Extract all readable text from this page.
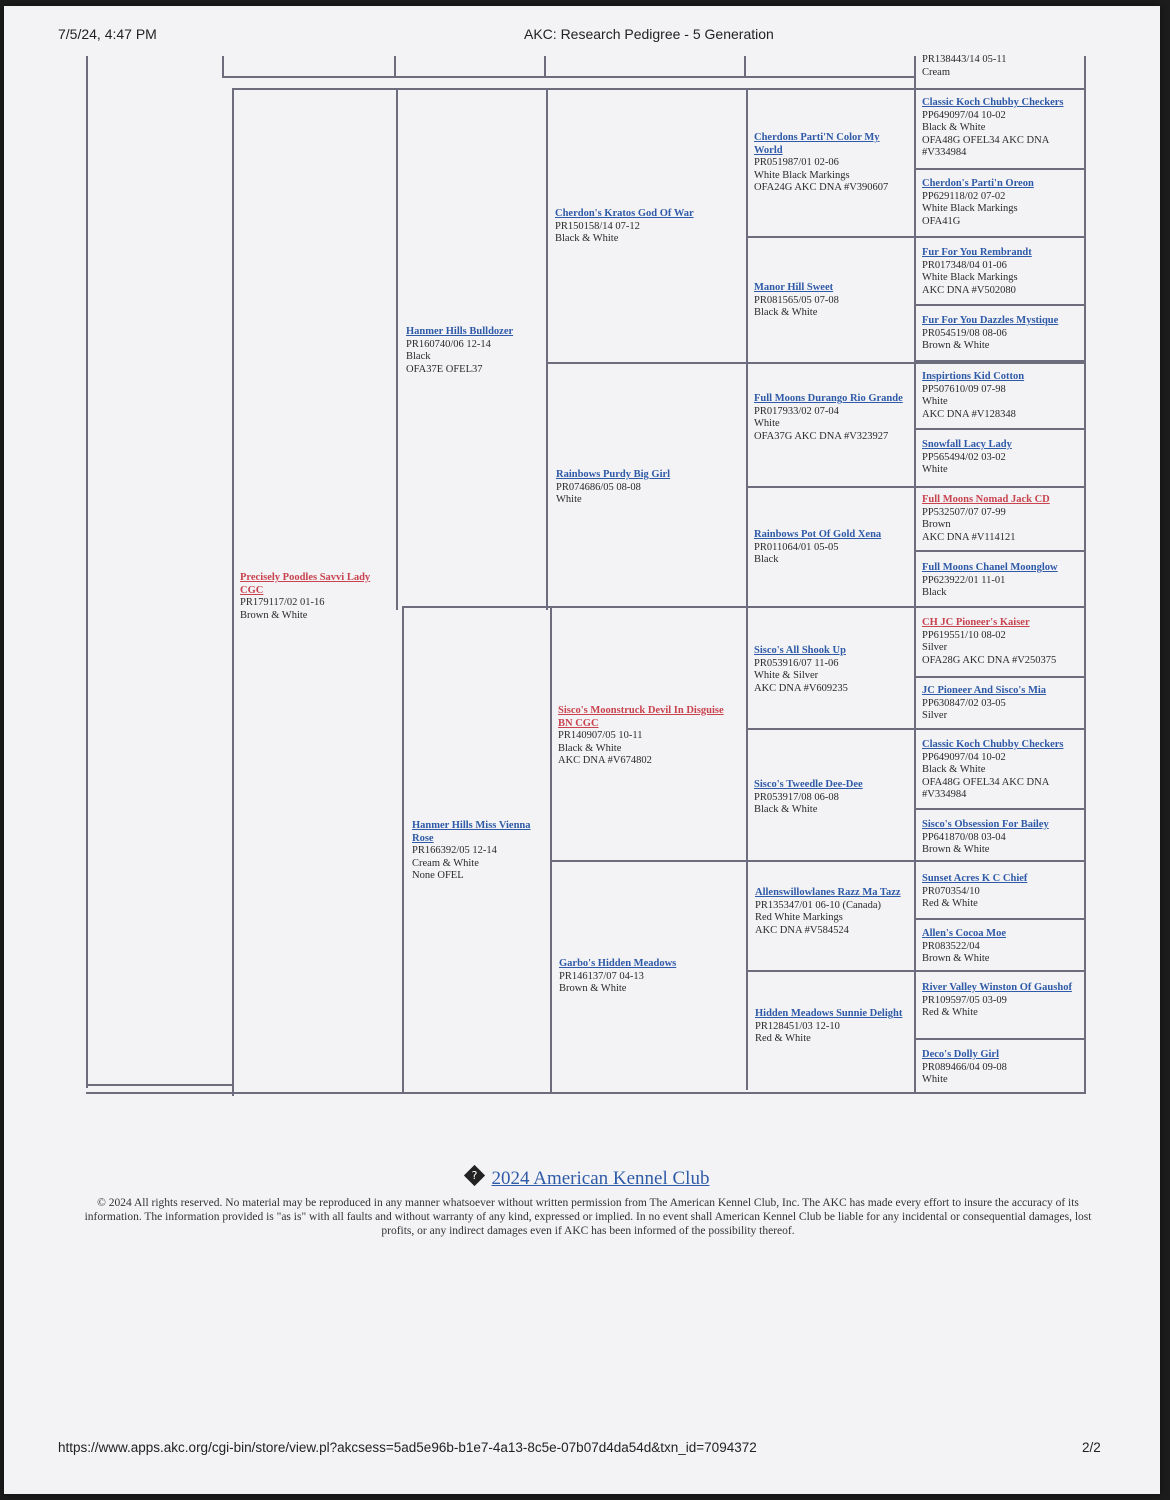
7/5/24, 4:47 PM	AKC: Research Pedigree - 5 Generation
PR138443/14 05-11
Cream
Precisely Poodles Savvi Lady CGC
PR179117/02 01-16
Brown & White
Hanmer Hills Bulldozer
PR160740/06 12-14
Black
OFA37E OFEL37
Hanmer Hills Miss Vienna Rose
PR166392/05 12-14
Cream & White
None OFEL
Cherdon's Kratos God Of War
PR150158/14 07-12
Black & White
Rainbows Purdy Big Girl
PR074686/05 08-08
White
Sisco's Moonstruck Devil In Disguise BN CGC
PR140907/05 10-11
Black & White
AKC DNA #V674802
Garbo's Hidden Meadows
PR146137/07 04-13
Brown & White
Cherdons Parti'N Color My World
PR051987/01 02-06
White Black Markings
OFA24G AKC DNA #V390607
Manor Hill Sweet
PR081565/05 07-08
Black & White
Full Moons Durango Rio Grande
PR017933/02 07-04
White
OFA37G AKC DNA #V323927
Rainbows Pot Of Gold Xena
PR011064/01 05-05
Black
Sisco's All Shook Up
PR053916/07 11-06
White & Silver
AKC DNA #V609235
Sisco's Tweedle Dee-Dee
PR053917/08 06-08
Black & White
Allenswillowlanes Razz Ma Tazz
PR135347/01 06-10 (Canada)
Red White Markings
AKC DNA #V584524
Hidden Meadows Sunnie Delight
PR128451/03 12-10
Red & White
Classic Koch Chubby Checkers
PP649097/04 10-02
Black & White
OFA48G OFEL34 AKC DNA
#V334984
Cherdon's Parti'n Oreon
PP629118/02 07-02
White Black Markings
OFA41G
Fur For You Rembrandt
PR017348/04 01-06
White Black Markings
AKC DNA #V502080
Fur For You Dazzles Mystique
PR054519/08 08-06
Brown & White
Inspirtions Kid Cotton
PP507610/09 07-98
White
AKC DNA #V128348
Snowfall Lacy Lady
PP565494/02 03-02
White
Full Moons Nomad Jack CD
PP532507/07 07-99
Brown
AKC DNA #V114121
Full Moons Chanel Moonglow
PP623922/01 11-01
Black
CH JC Pioneer's Kaiser
PP619551/10 08-02
Silver
OFA28G AKC DNA #V250375
JC Pioneer And Sisco's Mia
PP630847/02 03-05
Silver
Classic Koch Chubby Checkers
PP649097/04 10-02
Black & White
OFA48G OFEL34 AKC DNA
#V334984
Sisco's Obsession For Bailey
PP641870/08 03-04
Brown & White
Sunset Acres K C Chief
PR070354/10
Red & White
Allen's Cocoa Moe
PR083522/04
Brown & White
River Valley Winston Of Gaushof
PR109597/05 03-09
Red & White
Deco's Dolly Girl
PR089466/04 09-08
White
? 2024 American Kennel Club
© 2024 All rights reserved. No material may be reproduced in any manner whatsoever without written permission from The American Kennel Club, Inc. The AKC has made every effort to insure the accuracy of its information. The information provided is "as is" with all faults and without warranty of any kind, expressed or implied. In no event shall American Kennel Club be liable for any incidental or consequential damages, lost profits, or any indirect damages even if AKC has been informed of the possibility thereof.
https://www.apps.akc.org/cgi-bin/store/view.pl?akcsess=5ad5e96b-b1e7-4a13-8c5e-07b07d4da54d&txn_id=7094372	2/2
